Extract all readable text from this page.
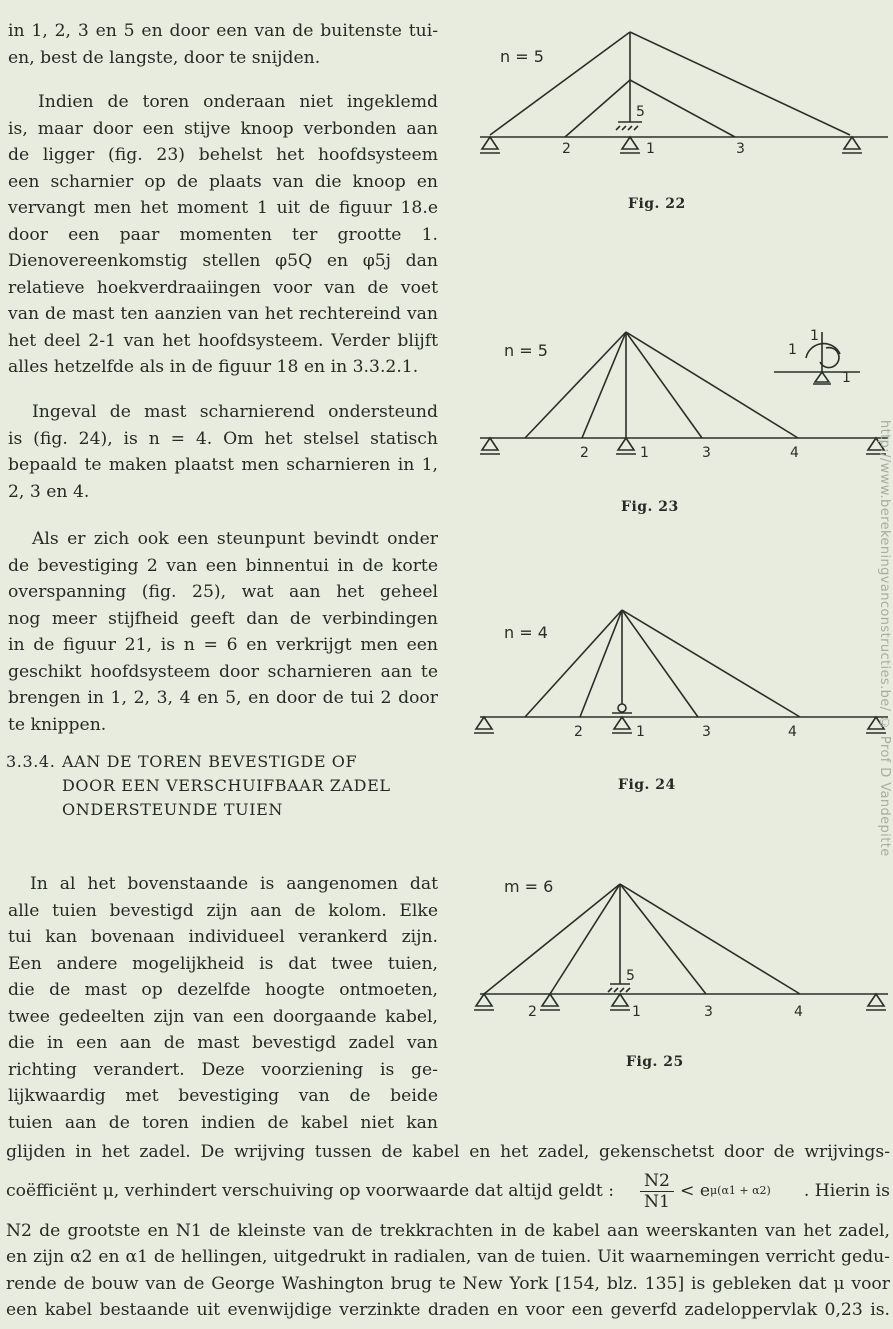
in 1, 2, 3 en 5 en door een van de buitenste tui-
en, best de langste, door te snijden.
Indien de toren onderaan niet ingeklemd
is, maar door een stijve knoop verbonden aan
de ligger (fig. 23) behelst het hoofdsysteem
een scharnier op de plaats van die knoop en
vervangt men het moment 1 uit de figuur 18.e
door een paar momenten ter grootte 1.
Dienovereenkomstig stellen φ5Q en φ5j dan
relatieve hoekverdraaiingen voor van de voet
van de mast ten aanzien van het rechtereind van
het deel 2-1 van het hoofdsysteem. Verder blijft
alles hetzelfde als in de figuur 18 en in 3.3.2.1.
Ingeval de mast scharnierend ondersteund
is (fig. 24), is n = 4. Om het stelsel statisch
bepaald te maken plaatst men scharnieren in 1,
2, 3 en 4.
Als er zich ook een steunpunt bevindt onder
de bevestiging 2 van een binnentui in de korte
overspanning (fig. 25), wat aan het geheel
nog meer stijfheid geeft dan de verbindingen
in de figuur 21, is n = 6 en verkrijgt men een
geschikt hoofdsysteem door scharnieren aan te
brengen in 1, 2, 3, 4 en 5, en door de tui 2 door
te knippen.
3.3.4. AAN DE TOREN BEVESTIGDE OF
DOOR EEN VERSCHUIFBAAR ZADEL
ONDERSTEUNDE TUIEN
In al het bovenstaande is aangenomen dat
alle tuien bevestigd zijn aan de kolom. Elke
tui kan bovenaan individueel verankerd zijn.
Een andere mogelijkheid is dat twee tuien,
die de mast op dezelfde hoogte ontmoeten,
twee gedeelten zijn van een doorgaande kabel,
die in een aan de mast bevestigd zadel van
richting verandert. Deze voorziening is ge-
lijkwaardig met bevestiging van de beide
tuien aan de toren indien de kabel niet kan
glijden in het zadel. De wrijving tussen de kabel en het zadel, gekenschetst door de wrijvings-
coëfficiënt μ, verhindert verschuiving op voorwaarde dat altijd geldt : $\frac{N2}{N1} < e$ μ(α1 + α2) . Hierin is
N2 de grootste en N1 de kleinste van de trekkrachten in de kabel aan weerskanten van het zadel,
en zijn α2 en α1 de hellingen, uitgedrukt in radialen, van de tuien. Uit waarnemingen verricht gedu-
rende de bouw van de George Washington brug te New York [154, blz. 135] is gebleken dat μ voor
een kabel bestaande uit evenwijdige verzinkte draden en voor een geverfd zadeloppervlak 0,23 is.
n = 5
2	1	3
5
Fig. 22
n = 5
2	1	3	4
1
1
1
Fig. 23
n = 4
2	1	3	4
Fig. 24
m = 6
2	1	3	4
5
Fig. 25
http://www.berekeningvanconstructies.be/ © Prof D Vandepitte
